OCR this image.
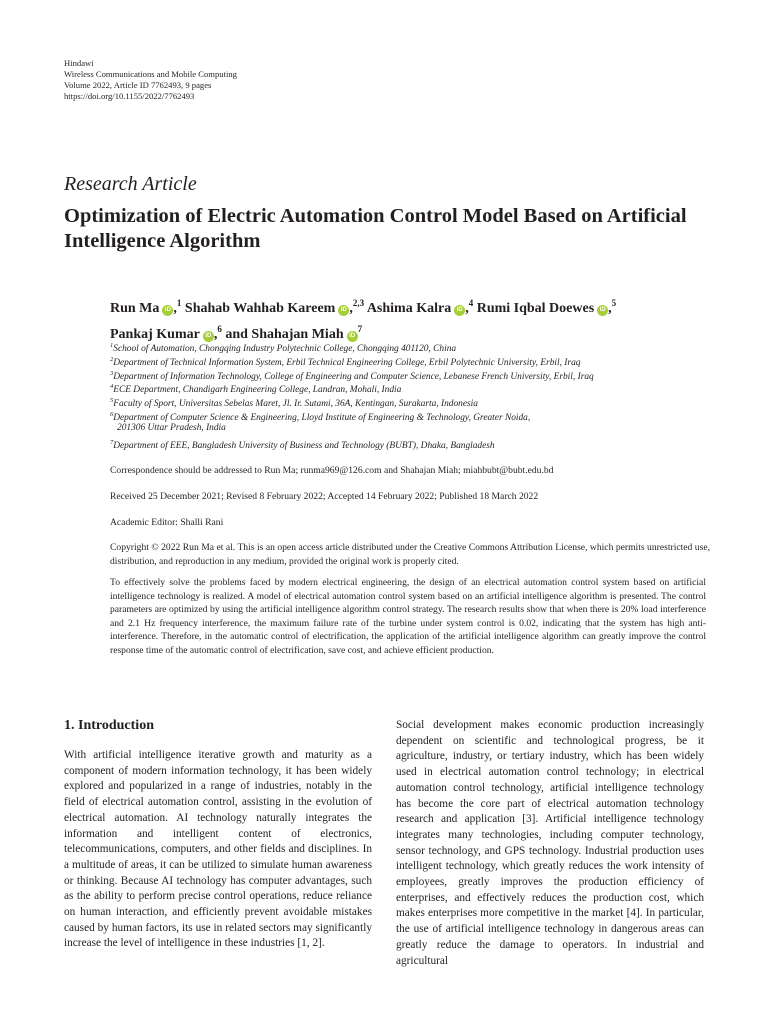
Hindawi
Wireless Communications and Mobile Computing
Volume 2022, Article ID 7762493, 9 pages
https://doi.org/10.1155/2022/7762493
Research Article
Optimization of Electric Automation Control Model Based on Artificial Intelligence Algorithm
Run Ma iD ,$^1$ Shahab Wahhab Kareem iD ,$^{2,3}$ Ashima Kalra iD ,$^4$ Rumi Iqbal Doewes iD ,$^5$
Pankaj Kumar iD ,$^6$ and Shahajan Miah $iD^7$
$^1$School of Automation, Chongqing Industry Polytechnic College, Chongqing 401120, China
$^2$Department of Technical Information System, Erbil Technical Engineering College, Erbil Polytechnic University, Erbil, Iraq
$^3$Department of Information Technology, College of Engineering and Computer Science, Lebanese French University, Erbil, Iraq
$^4$ECE Department, Chandigarh Engineering College, Landran, Mohali, India
$^5$Faculty of Sport, Universitas Sebelas Maret, Jl. Ir. Sutami, 36A, Kentingan, Surakarta, Indonesia
$^6$Department of Computer Science & Engineering, Lloyd Institute of Engineering & Technology, Greater Noida,
201306 Uttar Pradesh, India
$^7$Department of EEE, Bangladesh University of Business and Technology (BUBT), Dhaka, Bangladesh
Correspondence should be addressed to Run Ma; runma969@126.com and Shahajan Miah; miahbubt@bubt.edu.bd
Received 25 December 2021; Revised 8 February 2022; Accepted 14 February 2022; Published 18 March 2022
Academic Editor: Shalli Rani
Copyright © 2022 Run Ma et al. This is an open access article distributed under the Creative Commons Attribution License, which permits unrestricted use, distribution, and reproduction in any medium, provided the original work is properly cited.
To effectively solve the problems faced by modern electrical engineering, the design of an electrical automation control system based on artificial intelligence technology is realized. A model of electrical automation control system based on an artificial intelligence algorithm is presented. The control parameters are optimized by using the artificial intelligence algorithm control strategy. The research results show that when there is 20% load interference and 2.1 Hz frequency interference, the maximum failure rate of the turbine under system control is 0.02, indicating that the system has high anti-interference. Therefore, in the automatic control of electrification, the application of the artificial intelligence algorithm can greatly improve the control response time of the automatic control of electrification, save cost, and achieve efficient production.
1. Introduction
With artificial intelligence iterative growth and maturity as a component of modern information technology, it has been widely explored and popularized in a range of industries, notably in the field of electrical automation control, assisting in the evolution of electrical automation. AI technology naturally integrates the information and intelligent content of electronics, telecommunications, computers, and other fields and disciplines. In a multitude of areas, it can be utilized to simulate human awareness or thinking. Because AI technology has computer advantages, such as the ability to perform precise control operations, reduce reliance on human interaction, and efficiently prevent avoidable mistakes caused by human factors, its use in related sectors may significantly increase the level of intelligence in these industries [1, 2].
Social development makes economic production increasingly dependent on scientific and technological progress, be it agriculture, industry, or tertiary industry, which has been widely used in electrical automation control technology; in electrical automation control technology, artificial intelligence technology has become the core part of electrical automation technology research and application [3]. Artificial intelligence technology integrates many technologies, including computer technology, sensor technology, and GPS technology. Industrial production uses intelligent technology, which greatly reduces the work intensity of employees, greatly improves the production efficiency of enterprises, and effectively reduces the production cost, which makes enterprises more competitive in the market [4]. In particular, the use of artificial intelligence technology in dangerous areas can greatly reduce the damage to operators. In industrial and agricultural
